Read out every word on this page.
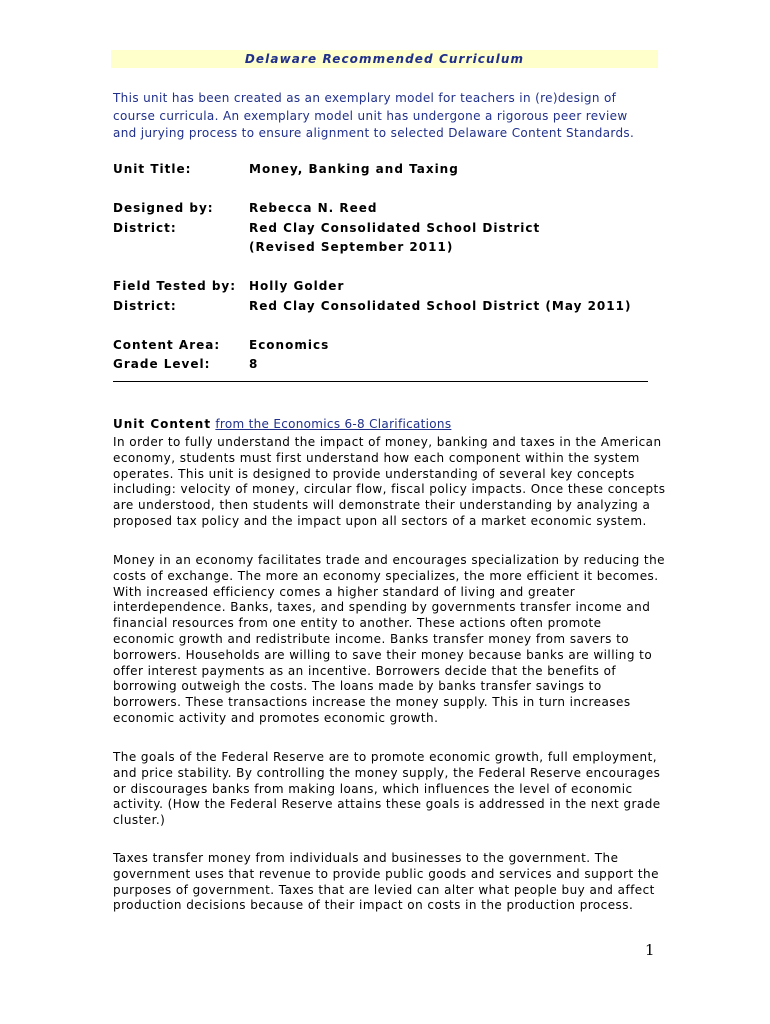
Delaware Recommended Curriculum

This unit has been created as an exemplary model for teachers in (re)design of
course curricula. An exemplary model unit has undergone a rigorous peer review
and jurying process to ensure alignment to selected Delaware Content Standards.

Unit Title:	Money, Banking and Taxing
Designed by:	Rebecca N. Reed
District:	Red Clay Consolidated School District
(Revised September 2011)
Field Tested by: Holly Golder
District:	Red Clay Consolidated School District (May 2011)
Content Area: Economics
Grade Level:	8
Unit Content from the Economics 6-8 Clarifications

In order to fully understand the impact of money, banking and taxes in the American
economy, students must first understand how each component within the system
operates. This unit is designed to provide understanding of several key concepts
including: velocity of money, circular flow, fiscal policy impacts. Once these concepts
are understood, then students will demonstrate their understanding by analyzing a
proposed tax policy and the impact upon all sectors of a market economic system.

Money in an economy facilitates trade and encourages specialization by reducing the
costs of exchange. The more an economy specializes, the more efficient it becomes.
With increased efficiency comes a higher standard of living and greater
interdependence. Banks, taxes, and spending by governments transfer income and
financial resources from one entity to another. These actions often promote
economic growth and redistribute income. Banks transfer money from savers to
borrowers. Households are willing to save their money because banks are willing to
offer interest payments as an incentive. Borrowers decide that the benefits of
borrowing outweigh the costs. The loans made by banks transfer savings to
borrowers. These transactions increase the money supply. This in turn increases
economic activity and promotes economic growth.

The goals of the Federal Reserve are to promote economic growth, full employment,
and price stability. By controlling the money supply, the Federal Reserve encourages
or discourages banks from making loans, which influences the level of economic
activity. (How the Federal Reserve attains these goals is addressed in the next grade
cluster.)

Taxes transfer money from individuals and businesses to the government. The
government uses that revenue to provide public goods and services and support the
purposes of government. Taxes that are levied can alter what people buy and affect
production decisions because of their impact on costs in the production process.

1
